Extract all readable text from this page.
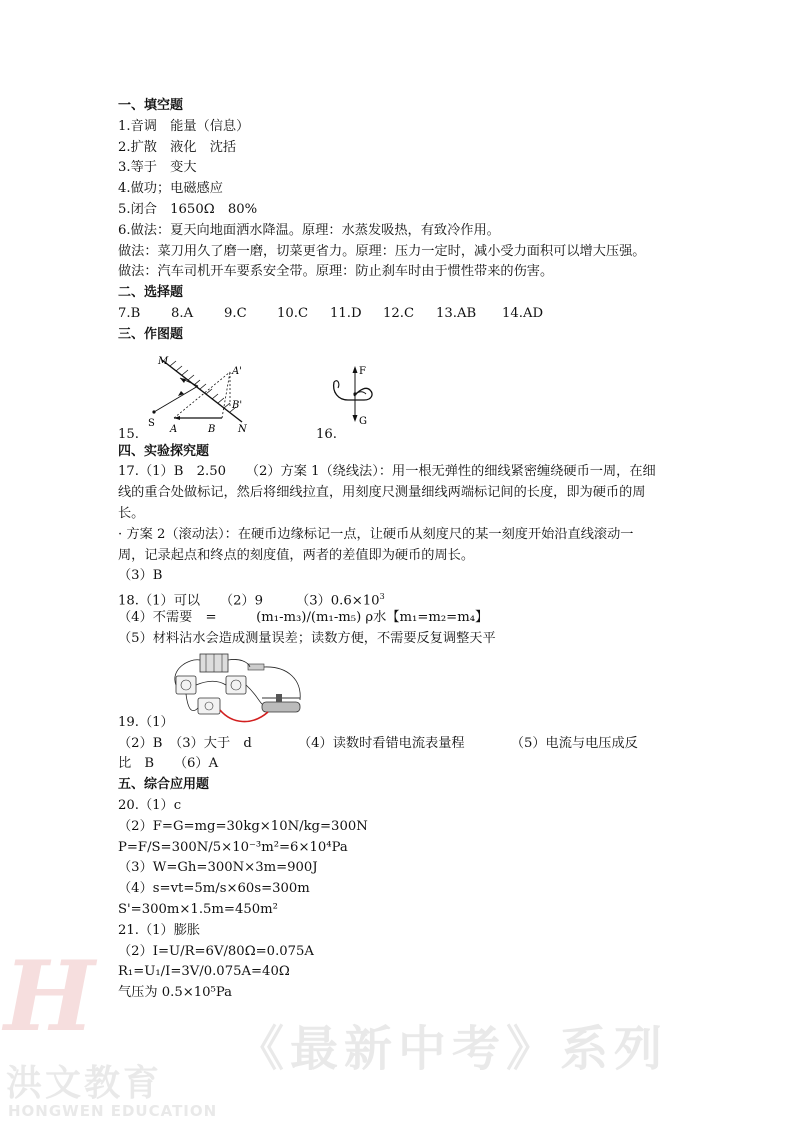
H
洪文教育
HONGWEN EDUCATION
《最新中考》系列
一、填空题
1.音调　能量（信息）
2.扩散　液化　沈括
3.等于　变大
4.做功；电磁感应
5.闭合　1650Ω　80%
6.做法：夏天向地面洒水降温。原理：水蒸发吸热，有致冷作用。
做法：菜刀用久了磨一磨，切菜更省力。原理：压力一定时，减小受力面积可以增大压强。
做法：汽车司机开车要系安全带。原理：防止刹车时由于惯性带来的伤害。
二、选择题
7.B 8.A 9.C 10.C 11.D 12.C 13.AB 14.AD
三、作图题
M
N
S
A	B
A'
B'
F
G
15.	16.
四、实验探究题
17.（1）B　2.50　　（2）方案 1（绕线法）：用一根无弹性的细线紧密缠绕硬币一周，在细
线的重合处做标记，然后将细线拉直，用刻度尺测量细线两端标记间的长度，即为硬币的周
长。
· 方案 2（滚动法）：在硬币边缘标记一点，让硬币从刻度尺的某一刻度开始沿直线滚动一
周，记录起点和终点的刻度值，两者的差值即为硬币的周长。
（3）B
18.（1）可以　　（2）9　　　$(3)0.6\times 10^3$
（4）不需要　=　　　(m₁-m₃)/(m₁-m₅) ρ水【m₁=m₂=m₄】
（5）材料沾水会造成测量误差；读数方便，不需要反复调整天平
19.（1）
（2）B　（3）大于　d　　　　（4）读数时看错电流表量程　　　　（5）电流与电压成反
比　B　　（6）A
五、综合应用题
20.（1）c
（2）F=G=mg=30kg×10N/kg=300N
P=F/S=300N/5×10⁻³m²=6×10⁴Pa
（3）W=Gh=300N×3m=900J
（4）s=vt=5m/s×60s=300m
S'=300m×1.5m=450m²
21.（1）膨胀
（2）I=U/R=6V/80Ω=0.075A
R₁=U₁/I=3V/0.075A=40Ω
气压为 0.5×10⁵Pa
